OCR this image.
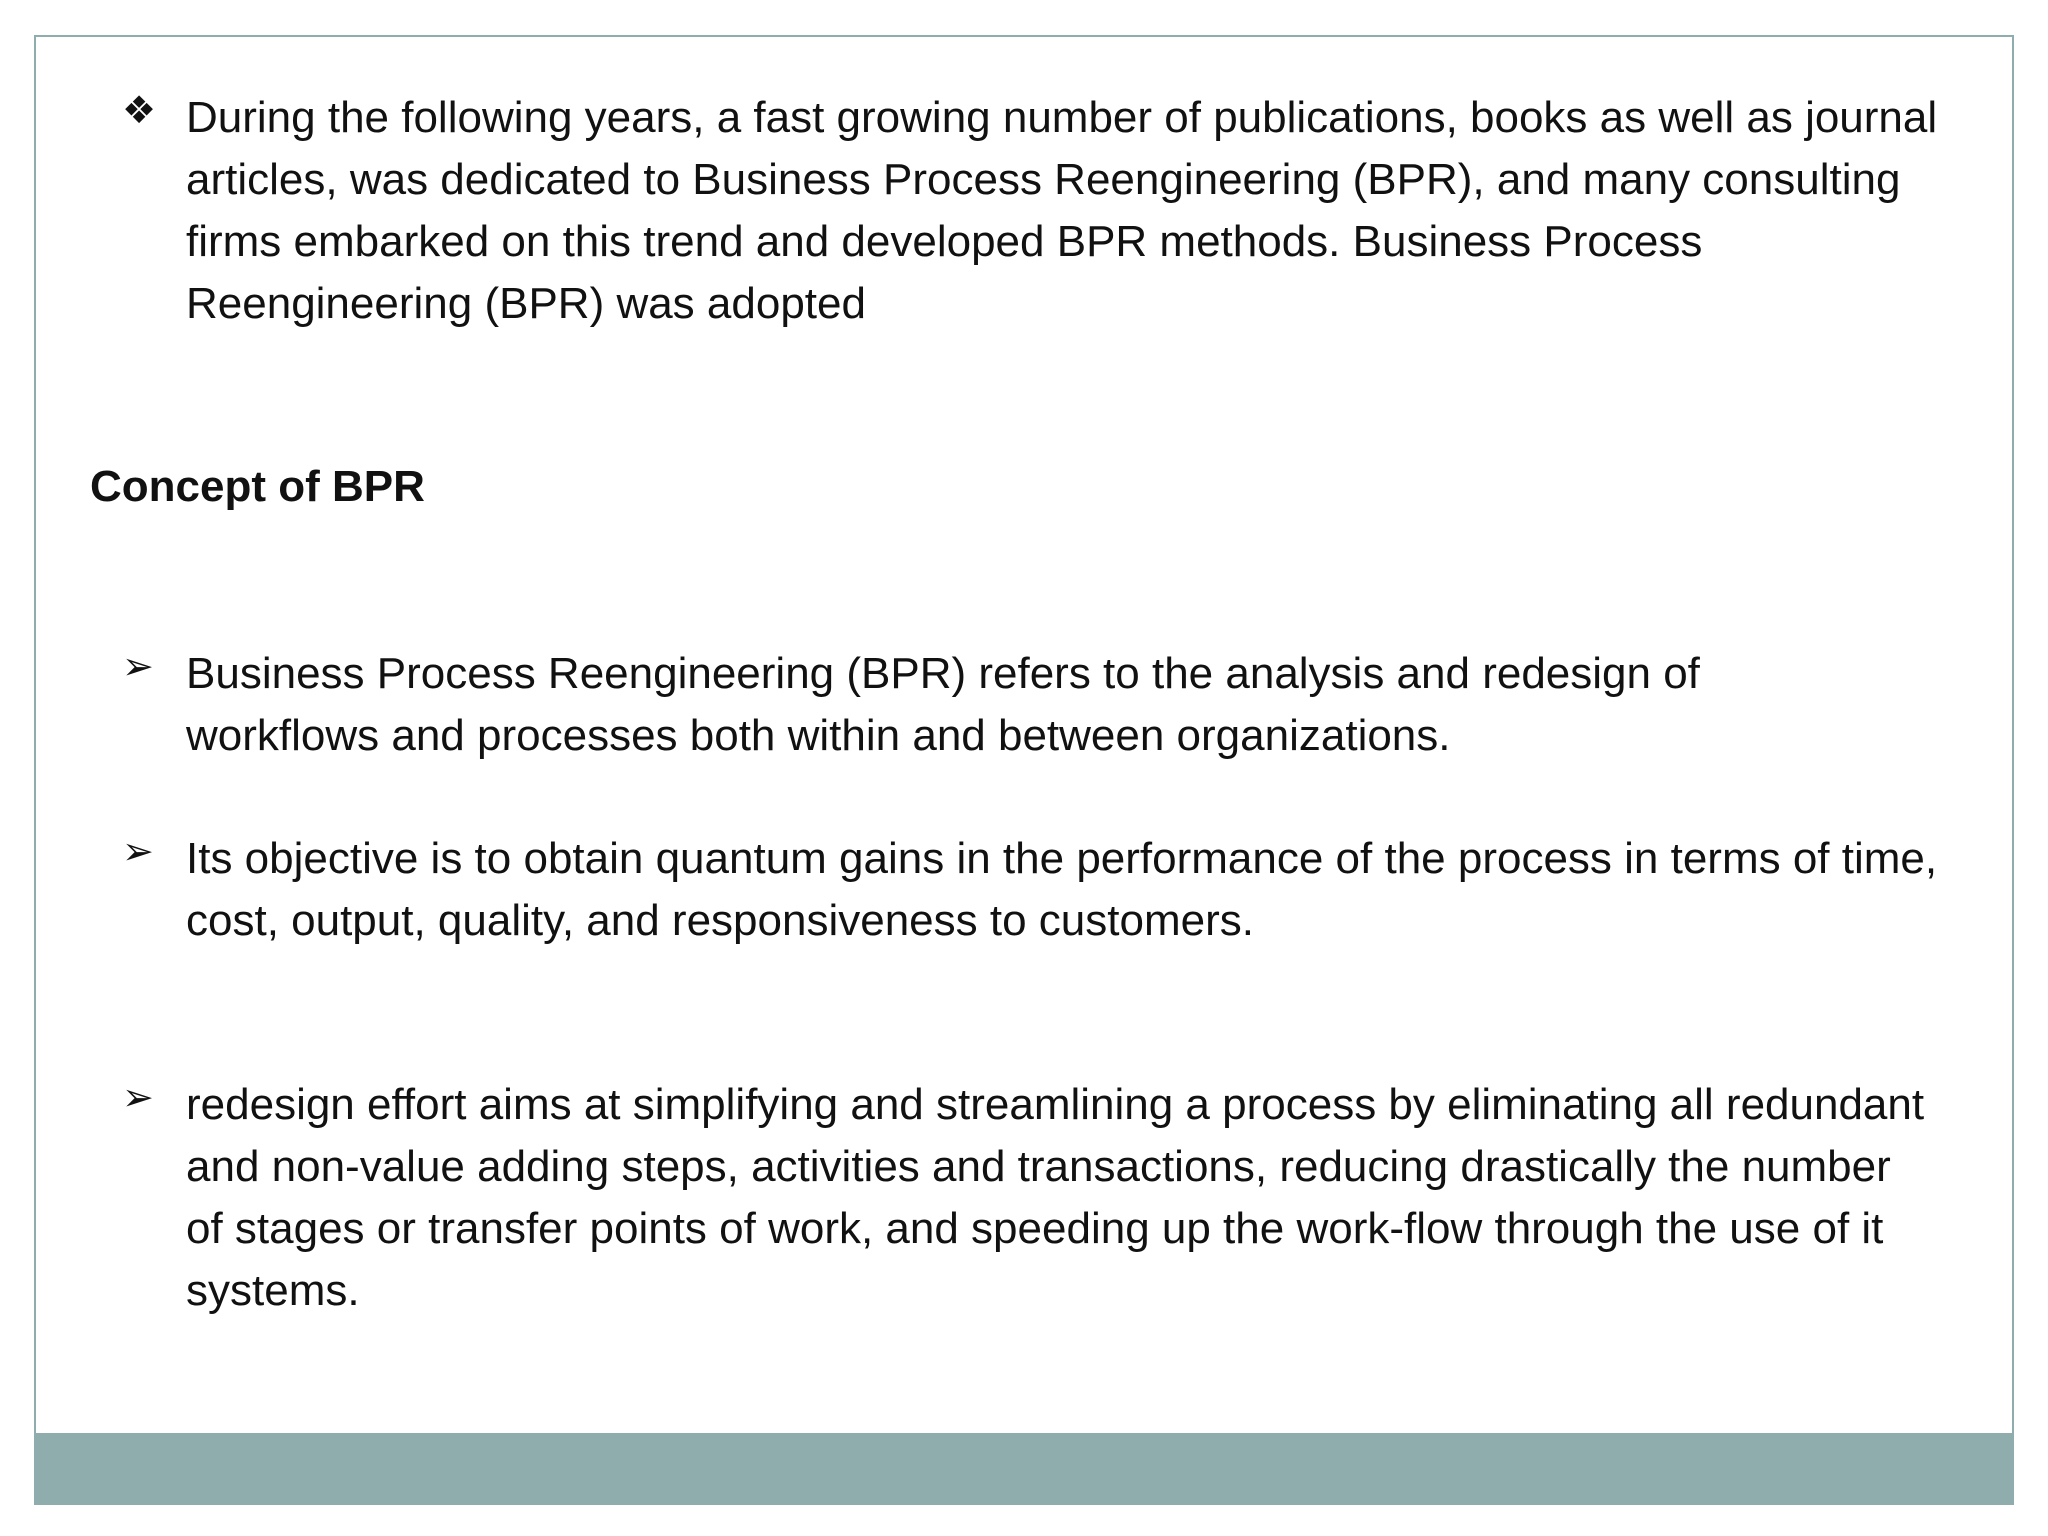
❖ During the following years, a fast growing number of publications, books as well as journal articles, was dedicated to Business Process Reengineering (BPR), and many consulting firms embarked on this trend and developed BPR methods. Business Process Reengineering (BPR) was adopted
Concept of BPR
➢ Business Process Reengineering (BPR) refers to the analysis and redesign of workflows and processes both within and between organizations.
➢ Its objective is to obtain quantum gains in the performance of the process in terms of time, cost, output, quality, and responsiveness to customers.
➢ redesign effort aims at simplifying and streamlining a process by eliminating all redundant and non-value adding steps, activities and transactions, reducing drastically the number of stages or transfer points of work, and speeding up the work-flow through the use of it systems.
